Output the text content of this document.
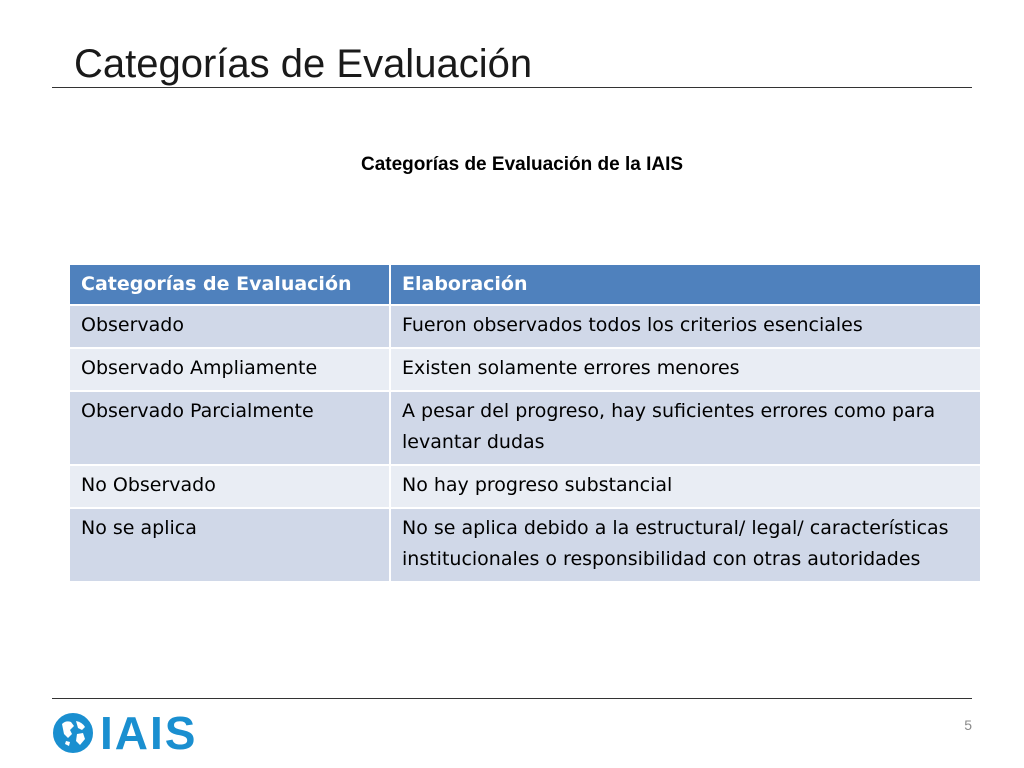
Categorías de Evaluación
Categorías de Evaluación de la IAIS
Categorías de Evaluación	Elaboración
Observado	Fueron observados todos los criterios esenciales
Observado Ampliamente	Existen solamente errores menores
Observado Parcialmente	A pesar del progreso, hay suficientes errores como para levantar dudas
No Observado	No hay progreso substancial
No se aplica	No se aplica debido a la estructural/ legal/ características institucionales o responsibilidad con otras autoridades
IAIS	5
